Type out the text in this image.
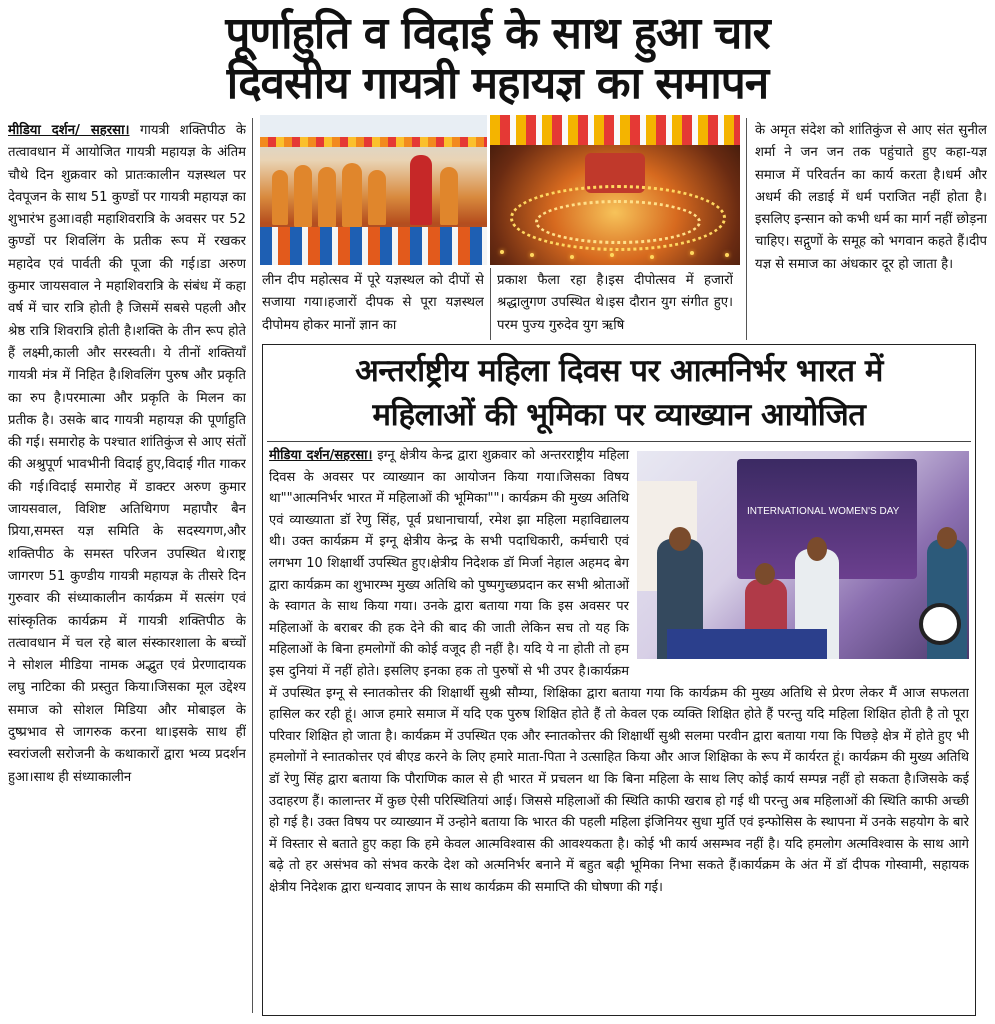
पूर्णाहुति व विदाई के साथ हुआ चार
दिवसीय गायत्री महायज्ञ का समापन
मीडिया दर्शन/ सहरसा। गायत्री शक्तिपीठ के तत्वावधान में आयोजित गायत्री महायज्ञ के अंतिम चौथे दिन शुक्रवार को प्रातःकालीन यज्ञस्थल पर देवपूजन के साथ 51 कुण्डों पर गायत्री महायज्ञ का शुभारंभ हुआ।वही महाशिवरात्रि के अवसर पर 52 कुण्डों पर शिवलिंग के प्रतीक रूप में रखकर महादेव एवं पार्वती की पूजा की गई।डा अरुण कुमार जायसवाल ने महाशिवरात्रि के संबंध में कहा वर्ष में चार रात्रि होती है जिसमें सबसे पहली और श्रेष्ठ रात्रि शिवरात्रि होती है।शक्ति के तीन रूप होते हैं लक्ष्मी,काली और सरस्वती। ये तीनों शक्तियाँ गायत्री मंत्र में निहित है।शिवलिंग पुरुष और प्रकृति का रुप है।परमात्मा और प्रकृति के मिलन का प्रतीक है। उसके बाद गायत्री महायज्ञ की पूर्णाहुति की गई। समारोह के पश्चात शांतिकुंज से आए संतों की अश्रुपूर्ण भावभीनी विदाई हुए,विदाई गीत गाकर की गई।विदाई समारोह में डाक्टर अरुण कुमार जायसवाल, विशिष्ट अतिथिगण महापौर बैन प्रिया,समस्त यज्ञ समिति के सदस्यगण,और शक्तिपीठ के समस्त परिजन उपस्थित थे।राष्ट्र जागरण 51 कुण्डीय गायत्री महायज्ञ के तीसरे दिन गुरुवार की संध्याकालीन कार्यक्रम में सत्संग एवं सांस्कृतिक कार्यक्रम में गायत्री शक्तिपीठ के तत्वावधान में चल रहे बाल संस्कारशाला के बच्चों ने सोशल मीडिया नामक अद्भुत एवं प्रेरणादायक लघु नाटिका की प्रस्तुत किया।जिसका मूल उद्देश्य समाज को सोशल मिडिया और मोबाइल के दुष्प्रभाव से जागरुक करना था।इसके साथ हीं स्वरांजली सरोजनी के कथाकारों द्वारा भव्य प्रदर्शन हुआ।साथ ही संध्याकालीन
लीन दीप महोत्सव में पूरे यज्ञस्थल को दीपों से सजाया गया।हजारों दीपक से पूरा यज्ञस्थल दीपोमय होकर मानों ज्ञान का
प्रकाश फैला रहा है।इस दीपोत्सव में हजारों श्रद्धालुगण उपस्थित थे।इस दौरान युग संगीत हुए।परम पुज्य गुरुदेव युग ऋषि
के अमृत संदेश को शांतिकुंज से आए संत सुनील शर्मा ने जन जन तक पहुंचाते हुए कहा-यज्ञ समाज में परिवर्तन का कार्य करता है।धर्म और अधर्म की लडाई में धर्म पराजित नहीं होता है।इसलिए इन्सान को कभी धर्म का मार्ग नहीं छोड़ना चाहिए। सद्गुणों के समूह को भगवान कहते हैं।दीप यज्ञ से समाज का अंधकार दूर हो जाता है।
अन्तर्राष्ट्रीय महिला दिवस पर आत्मनिर्भर भारत में
महिलाओं की भूमिका पर व्याख्यान आयोजित
INTERNATIONAL WOMEN'S DAY
मीडिया दर्शन/सहरसा। इग्नू क्षेत्रीय केन्द्र द्वारा शुक्रवार को अन्तरराष्ट्रीय महिला दिवस के अवसर पर व्याख्यान का आयोजन किया गया।जिसका विषय था""आत्मनिर्भर भारत में महिलाओं की भूमिका""। कार्यक्रम की मुख्य अतिथि एवं व्याख्याता डॉ रेणु सिंह, पूर्व प्रधानाचार्या, रमेश झा महिला महाविद्यालय थी। उक्त कार्यक्रम में इग्नू क्षेत्रीय केन्द्र के सभी पदाधिकारी, कर्मचारी एवं लगभग 10 शिक्षार्थी उपस्थित हुए।क्षेत्रीय निदेशक डॉ मिर्जा नेहाल अहमद बेग द्वारा कार्यक्रम का शुभारम्भ मुख्य अतिथि को पुष्पगुच्छप्रदान कर सभी श्रोताओं के स्वागत के साथ किया गया। उनके द्वारा बताया गया कि इस अवसर पर महिलाओं के बराबर की हक देने की बाद की जाती लेकिन सच तो यह कि महिलाओं के बिना हमलोगों की कोई वजूद ही नहीं है। यदि ये ना होती तो हम इस दुनियां में नहीं होते। इसलिए इनका हक तो पुरुषों से भी उपर है।कार्यक्रम में उपस्थित इग्नू से स्नातकोत्तर की शिक्षार्थी सुश्री सौम्या, शिक्षिका द्वारा बताया गया कि कार्यक्रम की मुख्य अतिथि से प्रेरण लेकर मैं आज सफलता हासिल कर रही हूं। आज हमारे समाज में यदि एक पुरुष शिक्षित होते हैं तो केवल एक व्यक्ति शिक्षित होते हैं परन्तु यदि महिला शिक्षित होती है तो पूरा परिवार शिक्षित हो जाता है। कार्यक्रम में उपस्थित एक और स्नातकोत्तर की शिक्षार्थी सुश्री सलमा परवीन द्वारा बताया गया कि पिछड़े क्षेत्र में होते हुए भी हमलोगों ने स्नातकोत्तर एवं बीएड करने के लिए हमारे माता-पिता ने उत्साहित किया और आज शिक्षिका के रूप में कार्यरत हूं। कार्यक्रम की मुख्य अतिथि डॉ रेणु सिंह द्वारा बताया कि पौराणिक काल से ही भारत में प्रचलन था कि बिना महिला के साथ लिए कोई कार्य सम्पन्न नहीं हो सकता है।जिसके कई उदाहरण हैं। कालान्तर में कुछ ऐसी परिस्थितियां आई। जिससे महिलाओं की स्थिति काफी खराब हो गई थी परन्तु अब महिलाओं की स्थिति काफी अच्छी हो गई है। उक्त विषय पर व्याख्यान में उन्होने बताया कि भारत की पहली महिला इंजिनियर सुधा मुर्ति एवं इन्फोसिस के स्थापना में उनके सहयोग के बारे में विस्तार से बताते हुए कहा कि हमे केवल आत्मविश्वास की आवश्यकता है। कोई भी कार्य असम्भव नहीं है। यदि हमलोग अत्मविश्वास के साथ आगे बढ़े तो हर असंभव को संभव करके देश को अत्मनिर्भर बनाने में बहुत बढ़ी भूमिका निभा सकते हैं।कार्यक्रम के अंत में डॉ दीपक गोस्वामी, सहायक क्षेत्रीय निदेशक द्वारा धन्यवाद ज्ञापन के साथ कार्यक्रम की समाप्ति की घोषणा की गई।
